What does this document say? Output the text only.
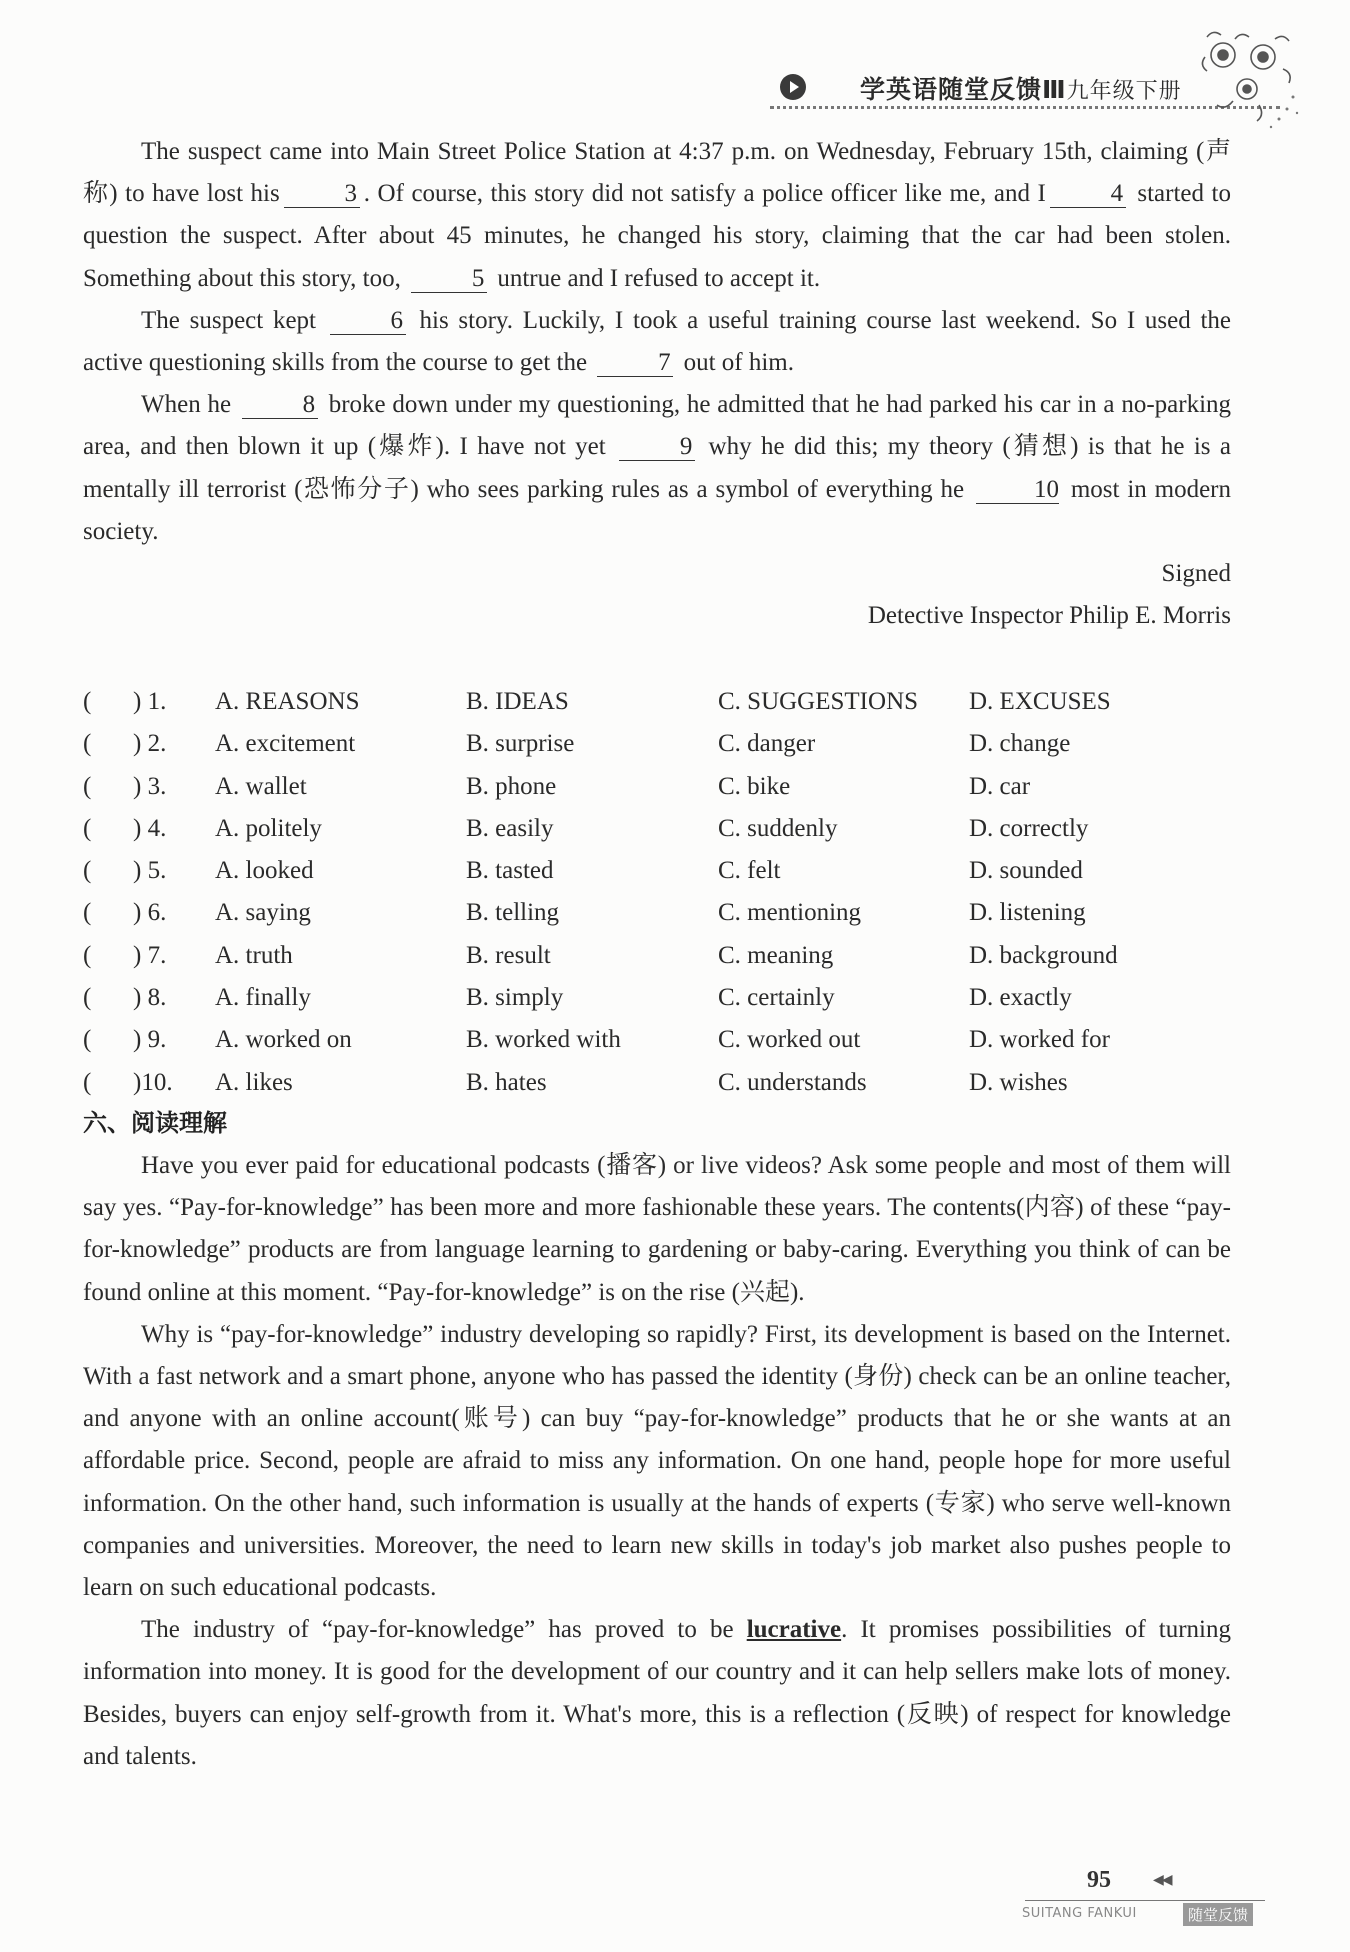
学英语随堂反馈Ⅲ九年级下册

The suspect came into Main Street Police Station at 4:37 p.m. on Wednesday, February 15th, claiming (声称) to have lost his	3 . Of course, this story did not satisfy a police officer like me, and I	4 started to question the suspect. After about 45 minutes, he changed his story, claiming that the car had been stolen. Something about this story, too,	5 untrue and I refused to accept it.

The suspect kept	6 his story. Luckily, I took a useful training course last weekend. So I used the active questioning skills from the course to get the	7 out of him.

When he	8 broke down under my questioning, he admitted that he had parked his car in a no-parking area, and then blown it up (爆炸). I have not yet	9 why he did this; my theory (猜想) is that he is a mentally ill terrorist (恐怖分子) who sees parking rules as a symbol of everything he	10 most in modern society.

Signed
Detective Inspector Philip E. Morris
( ) 1. A. REASONS	B. IDEAS	C. SUGGESTIONS D. EXCUSES
( ) 2. A. excitement	B. surprise	C. danger	D. change
( ) 3. A. wallet	B. phone	C. bike	D. car
( ) 4. A. politely	B. easily	C. suddenly	D. correctly
( ) 5. A. looked	B. tasted	C. felt	D. sounded
( ) 6. A. saying	B. telling	C. mentioning	D. listening
( ) 7. A. truth	B. result	C. meaning	D. background
( ) 8. A. finally	B. simply	C. certainly	D. exactly
( ) 9. A. worked on	B. worked with	C. worked out	D. worked for
( )10. A. likes	B. hates	C. understands	D. wishes
六、阅读理解

Have you ever paid for educational podcasts (播客) or live videos? Ask some people and most of them will say yes. “Pay-for-knowledge” has been more and more fashionable these years. The contents(内容) of these “pay-for-knowledge” products are from language learning to gardening or baby-caring. Everything you think of can be found online at this moment. “Pay-for-knowledge” is on the rise (兴起).

Why is “pay-for-knowledge” industry developing so rapidly? First, its development is based on the Internet. With a fast network and a smart phone, anyone who has passed the identity (身份) check can be an online teacher, and anyone with an online account(账号) can buy “pay-for-knowledge” products that he or she wants at an affordable price. Second, people are afraid to miss any information. On one hand, people hope for more useful information. On the other hand, such information is usually at the hands of experts (专家) who serve well-known companies and universities. Moreover, the need to learn new skills in today's job market also pushes people to learn on such educational podcasts.

The industry of “pay-for-knowledge” has proved to be lucrative. It promises possibilities of turning information into money. It is good for the development of our country and it can help sellers make lots of money. Besides, buyers can enjoy self-growth from it. What's more, this is a reflection (反映) of respect for knowledge and talents.

95	◀◀
SUITANG FANKUI	随堂反馈
